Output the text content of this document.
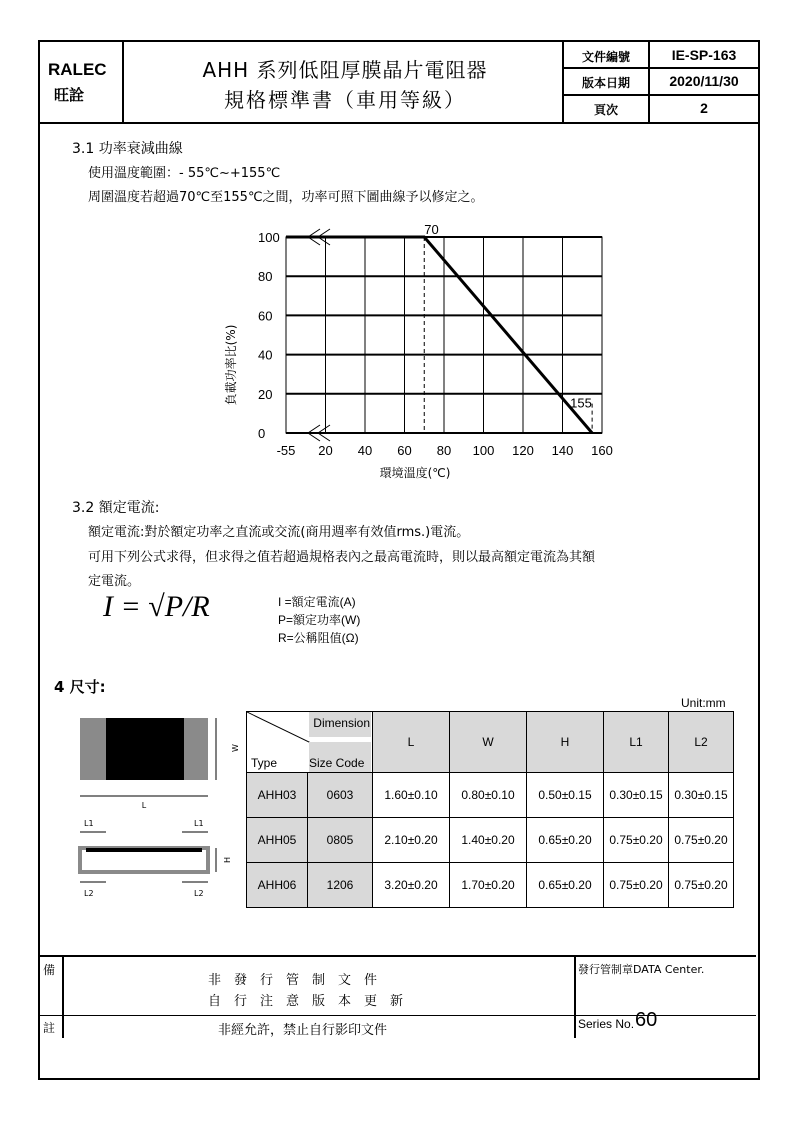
RALEC
旺詮
AHH 系列低阻厚膜晶片電阻器
規格標準書（車用等級）
文件編號	IE-SP-163
版本日期	2020/11/30
頁次	2
3.1 功率衰減曲線
使用溫度範圍：- 55℃~+155℃
周圍溫度若超過70℃至155℃之間，功率可照下圖曲線予以修定之。
0
20
40
60
80
100
-55 20 40 60 80 100 120 140 160
70
155
負載功率比(%)
環境溫度(℃)
3.2 額定電流:
額定電流:對於額定功率之直流或交流(商用週率有效值rms.)電流。
可用下列公式求得，但求得之值若超過規格表內之最高電流時，則以最高額定電流為其額
定電流。
I = √P/R	I =額定電流(A)
P=額定功率(W)
R=公稱阻值(Ω)
4 尺寸:
Unit:mm
W
L
L1	L1
H
L2	L2
Dimension
Type Size Code		L	W	H	L1	L2
AHH03	0603	1.60±0.10	0.80±0.10	0.50±0.15	0.30±0.15	0.30±0.15
AHH05	0805	2.10±0.20	1.40±0.20	0.65±0.20	0.75±0.20	0.75±0.20
AHH06	1206	3.20±0.20	1.70±0.20	0.65±0.20	0.75±0.20	0.75±0.20
備
註
非　發　行　管　制　文　件
自　行　注　意　版　本　更　新
非經允許，禁止自行影印文件
發行管制章DATA Center.
Series No. 60
